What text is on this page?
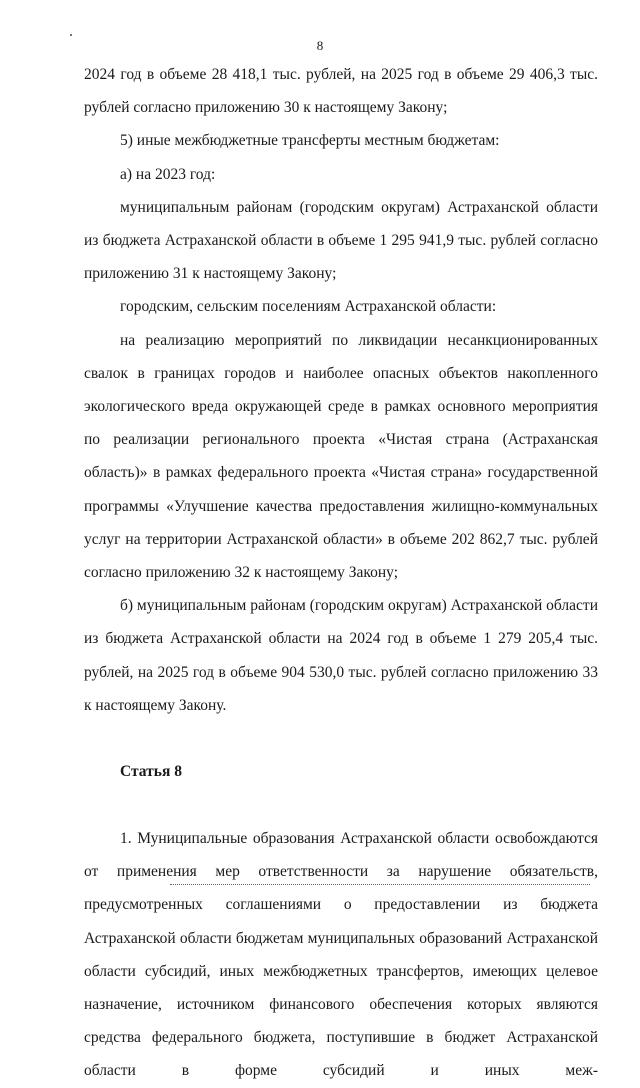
8

2024 год в объеме 28 418,1 тыс. рублей, на 2025 год в объеме 29 406,3 тыс. рублей согласно приложению 30 к настоящему Закону;

5) иные межбюджетные трансферты местным бюджетам:

а) на 2023 год:

муниципальным районам (городским округам) Астраханской области из бюджета Астраханской области в объеме 1 295 941,9 тыс. рублей согласно приложению 31 к настоящему Закону;

городским, сельским поселениям Астраханской области:

на реализацию мероприятий по ликвидации несанкционированных свалок в границах городов и наиболее опасных объектов накопленного экологического вреда окружающей среде в рамках основного мероприятия по реализации регионального проекта «Чистая страна (Астраханская область)» в рамках федерального проекта «Чистая страна» государственной программы «Улучшение качества предоставления жилищно-коммунальных услуг на территории Астраханской области» в объеме 202 862,7 тыс. рублей согласно приложению 32 к настоящему Закону;

б) муниципальным районам (городским округам) Астраханской области из бюджета Астраханской области на 2024 год в объеме 1 279 205,4 тыс. рублей, на 2025 год в объеме 904 530,0 тыс. рублей согласно приложению 33 к настоящему Закону.

Статья 8

1. Муниципальные образования Астраханской области освобождаются от применения мер ответственности за нарушение обязательств, предусмотренных соглашениями о предоставлении из бюджета Астраханской области бюджетам муниципальных образований Астраханской области субсидий, иных межбюджетных трансфертов, имеющих целевое назначение, источником финансового обеспечения которых являются средства федерального бюджета, поступившие в бюджет Астраханской области в форме субсидий и иных меж-
